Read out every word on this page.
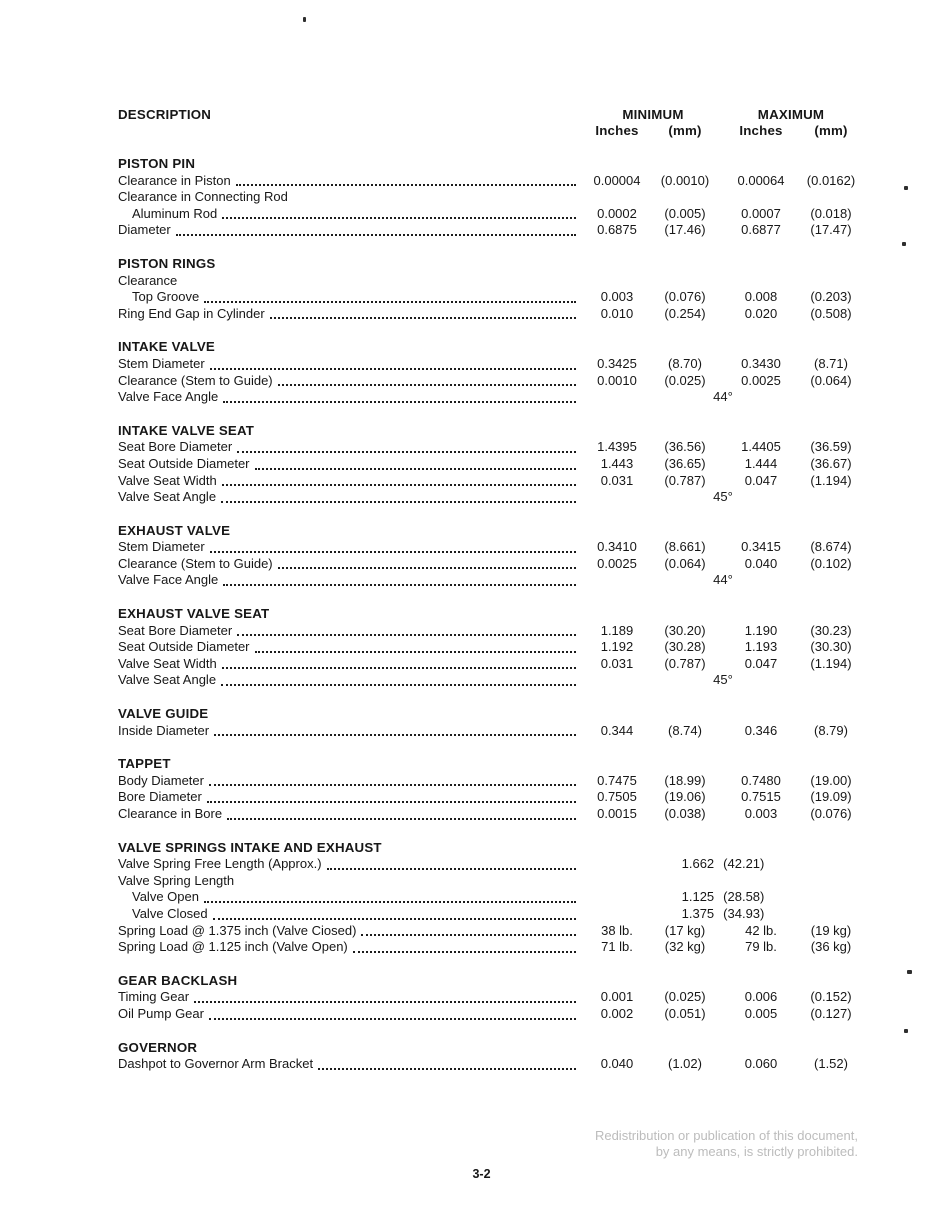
DESCRIPTION	MINIMUM	MAXIMUM
Inches	(mm)	Inches	(mm)
PISTON PIN
Clearance in Piston	0.00004	(0.0010)	0.00064	(0.0162)
Clearance in Connecting Rod
Aluminum Rod	0.0002	(0.005)	0.0007	(0.018)
Diameter	0.6875	(17.46)	0.6877	(17.47)
PISTON RINGS
Clearance
Top Groove	0.003	(0.076)	0.008	(0.203)
Ring End Gap in Cylinder	0.010	(0.254)	0.020	(0.508)
INTAKE VALVE
Stem Diameter	0.3425	(8.70)	0.3430	(8.71)
Clearance (Stem to Guide)	0.0010	(0.025)	0.0025	(0.064)
Valve Face Angle	44°
INTAKE VALVE SEAT
Seat Bore Diameter	1.4395	(36.56)	1.4405	(36.59)
Seat Outside Diameter	1.443	(36.65)	1.444	(36.67)
Valve Seat Width	0.031	(0.787)	0.047	(1.194)
Valve Seat Angle	45°
EXHAUST VALVE
Stem Diameter	0.3410	(8.661)	0.3415	(8.674)
Clearance (Stem to Guide)	0.0025	(0.064)	0.040	(0.102)
Valve Face Angle	44°
EXHAUST VALVE SEAT
Seat Bore Diameter	1.189	(30.20)	1.190	(30.23)
Seat Outside Diameter	1.192	(30.28)	1.193	(30.30)
Valve Seat Width	0.031	(0.787)	0.047	(1.194)
Valve Seat Angle	45°
VALVE GUIDE
Inside Diameter	0.344	(8.74)	0.346	(8.79)
TAPPET
Body Diameter	0.7475	(18.99)	0.7480	(19.00)
Bore Diameter	0.7505	(19.06)	0.7515	(19.09)
Clearance in Bore	0.0015	(0.038)	0.003	(0.076)
VALVE SPRINGS INTAKE AND EXHAUST
Valve Spring Free Length (Approx.)	1.662 (42.21)
Valve Spring Length
Valve Open	1.125 (28.58)
Valve Closed	1.375 (34.93)
Spring Load @ 1.375 inch (Valve Ciosed)	38 lb.	(17 kg)	42 lb.	(19 kg)
Spring Load @ 1.125 inch (Valve Open)	71 lb.	(32 kg)	79 lb.	(36 kg)
GEAR BACKLASH
Timing Gear	0.001	(0.025)	0.006	(0.152)
Oil Pump Gear	0.002	(0.051)	0.005	(0.127)
GOVERNOR
Dashpot to Governor Arm Bracket	0.040	(1.02)	0.060	(1.52)
Redistribution or publication of this document,
by any means, is strictly prohibited.
3-2
